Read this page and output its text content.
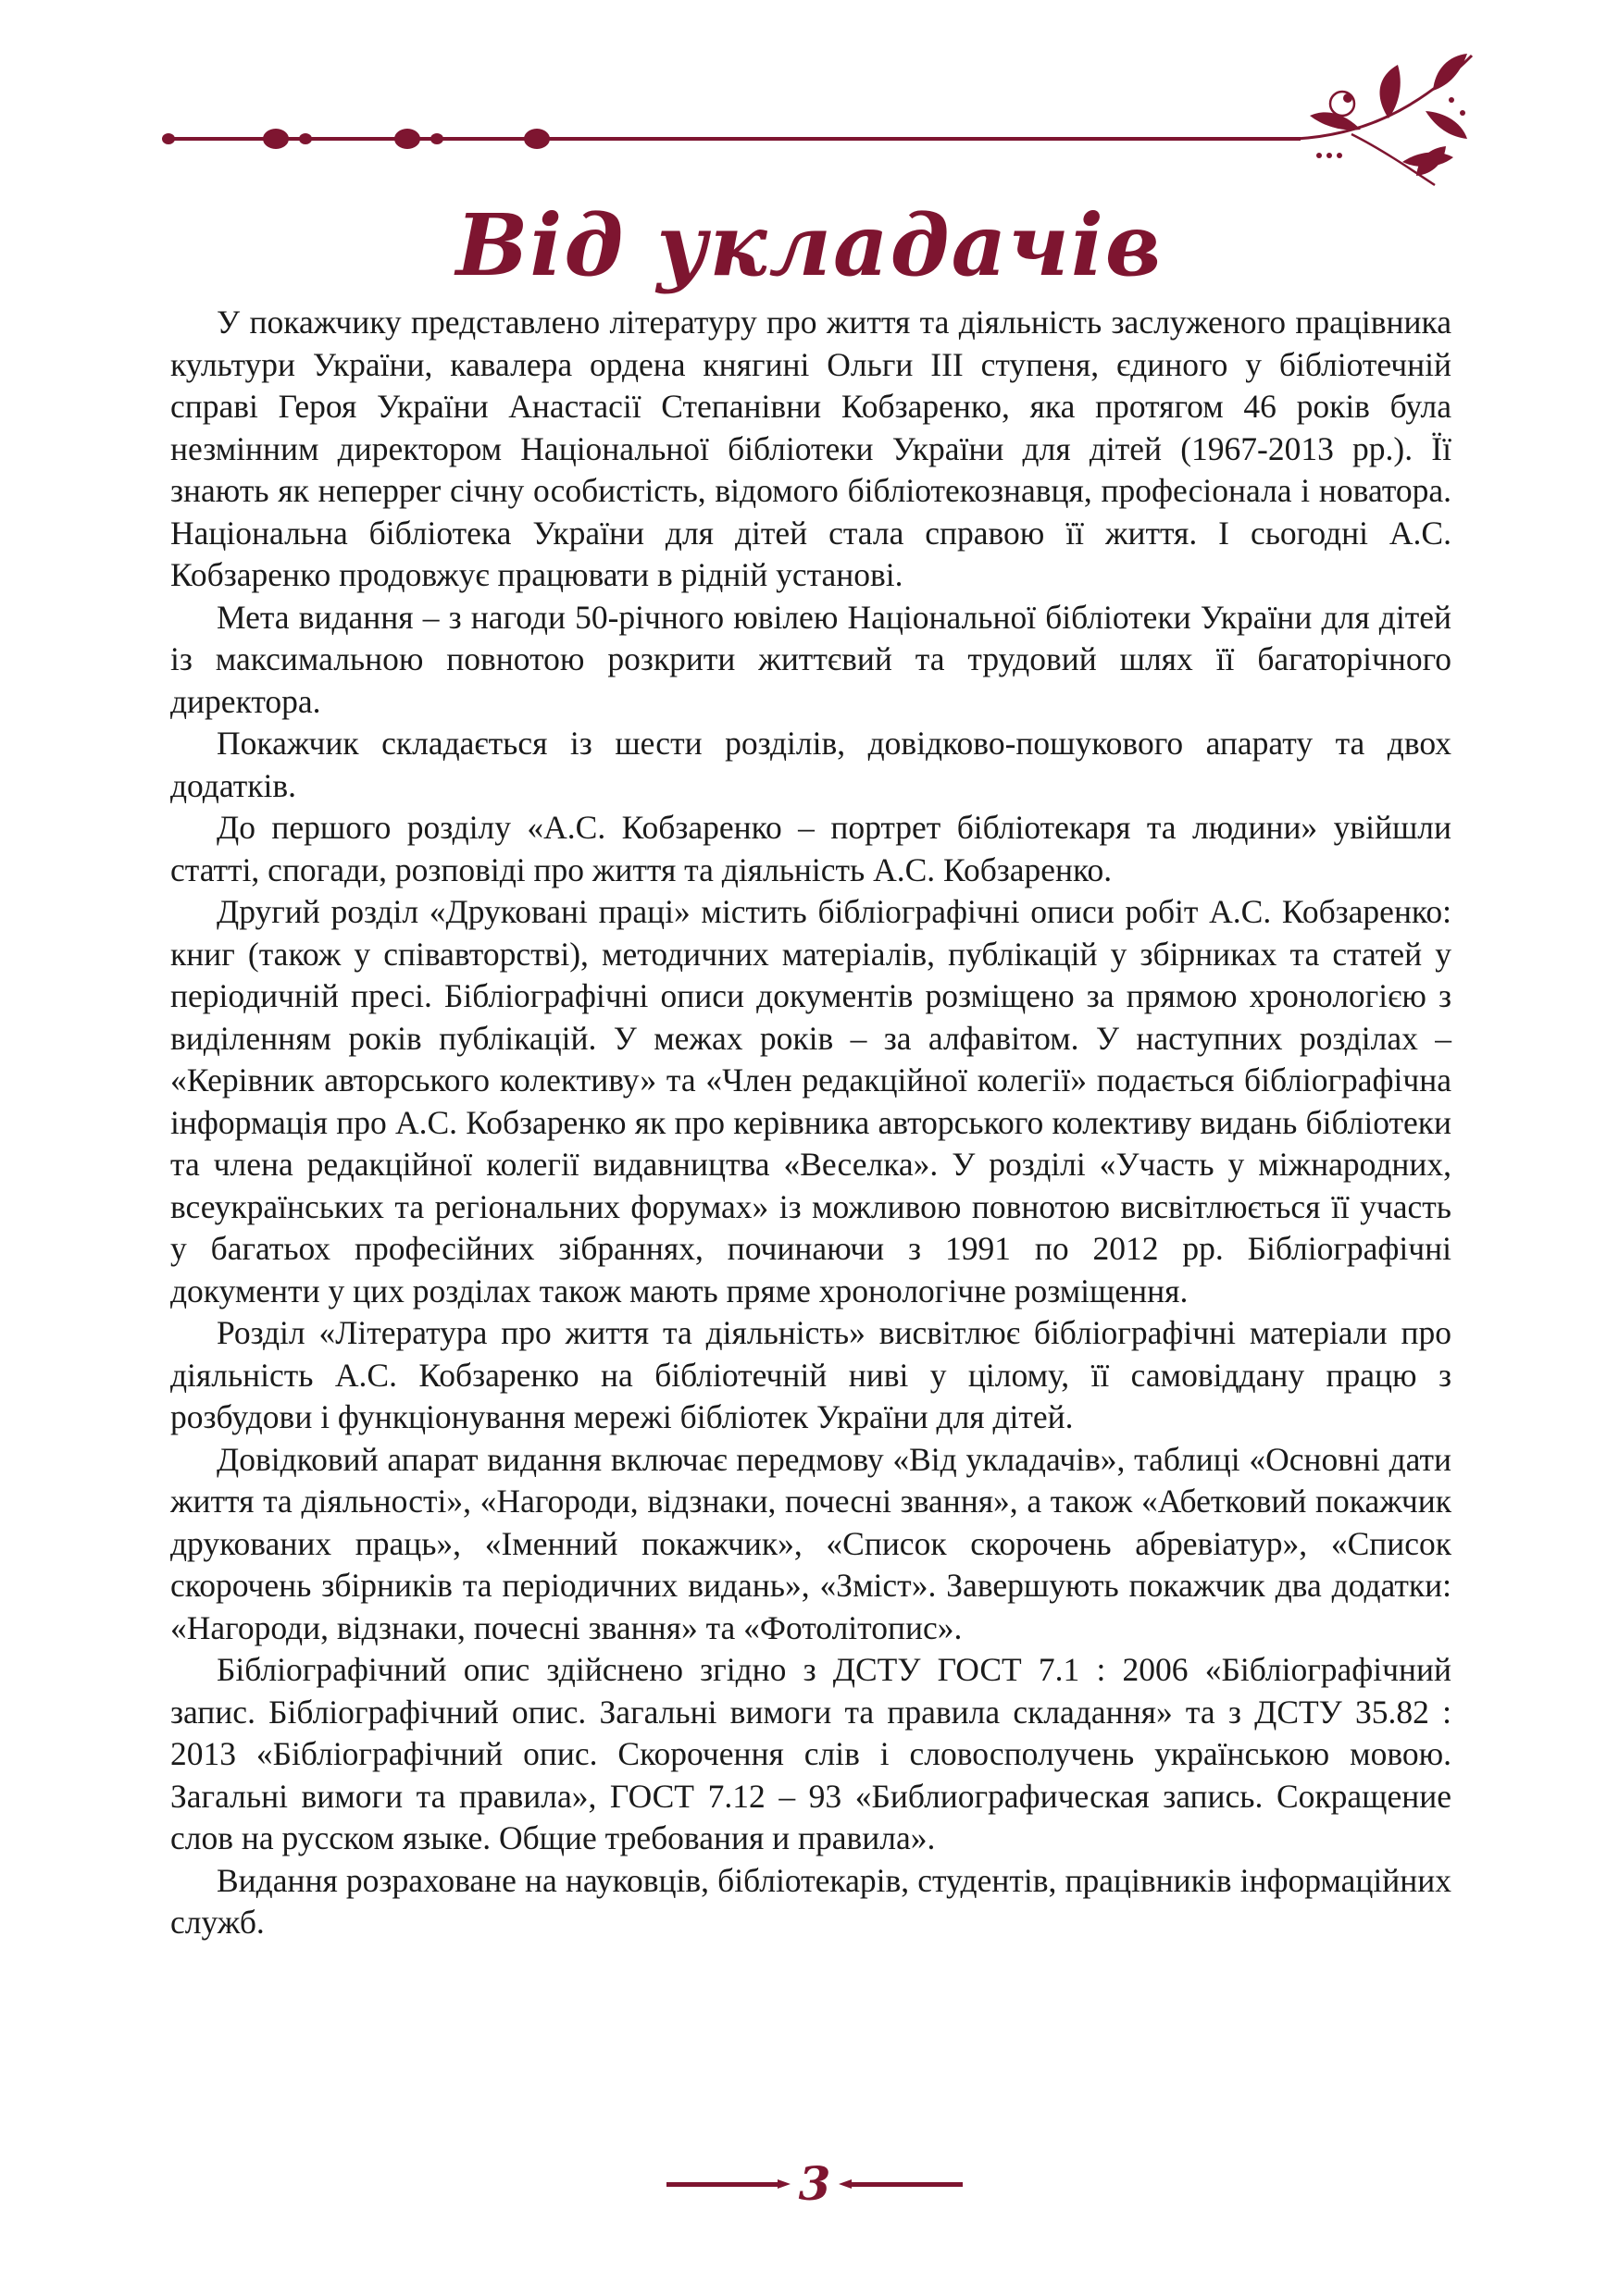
Від укладачів

У покажчику представлено літературу про життя та діяльність заслуженого працівника культури України, кавалера ордена княгині Ольги III ступеня, єдиного у бібліотечній справі Героя України Анастасії Степанівни Кобзаренко, яка протягом 46 років була незмінним директором Національної бібліотеки України для дітей (1967-2013 рр.). Її знають як неперper січну особистість, відомого бібліотекознавця, професіонала і новатора. Національна бібліотека України для дітей стала справою її життя. І сьогодні А.С. Кобзаренко продовжує працювати в рідній установі.

Мета видання – з нагоди 50-річного ювілею Національної бібліотеки України для дітей із максимальною повнотою розкрити життєвий та трудовий шлях її багаторічного директора.

Покажчик складається із шести розділів, довідково-пошукового апарату та двох додатків.

До першого розділу «А.С. Кобзаренко – портрет бібліотекаря та людини» увійшли статті, спогади, розповіді про життя та діяльність А.С. Кобзаренко.

Другий розділ «Друковані праці» містить бібліографічні описи робіт А.С. Кобзаренко: книг (також у співавторстві), методичних матеріалів, публікацій у збірниках та статей у періодичній пресі. Бібліографічні описи документів розміщено за прямою хронологією з виділенням років публікацій. У межах років – за алфавітом. У наступних розділах – «Керівник авторського колективу» та «Член редакційної колегії» подається бібліографічна інформація про А.С. Кобзаренко як про керівника авторського колективу видань бібліотеки та члена редакційної колегії видавництва «Веселка». У розділі «Участь у міжнародних, всеукраїнських та регіональних форумах» із можливою повнотою висвітлюється її участь у багатьох професійних зібраннях, починаючи з 1991 по 2012 рр. Бібліографічні документи у цих розділах також мають пряме хронологічне розміщення.

Розділ «Література про життя та діяльність» висвітлює бібліографічні матеріали про діяльність А.С. Кобзаренко на бібліотечній ниві у цілому, її самовіддану працю з розбудови і функціонування мережі бібліотек України для дітей.

Довідковий апарат видання включає передмову «Від укладачів», таблиці «Основні дати життя та діяльності», «Нагороди, відзнаки, почесні звання», а також «Абетковий покажчик друкованих праць», «Іменний покажчик», «Список скорочень абревіатур», «Список скорочень збірників та періодичних видань», «Зміст». Завершують покажчик два додатки: «Нагороди, відзнаки, почесні звання» та «Фотолітопис».

Бібліографічний опис здійснено згідно з ДСТУ ГОСТ 7.1 : 2006 «Бібліографічний запис. Бібліографічний опис. Загальні вимоги та правила складання» та з ДСТУ 35.82 : 2013 «Бібліографічний опис. Скорочення слів і словосполучень українською мовою. Загальні вимоги та правила», ГОСТ 7.12 – 93 «Библиографическая запись. Сокращение слов на русском языке. Общие требования и правила».

Видання розраховане на науковців, бібліотекарів, студентів, працівників інформаційних служб.

3
